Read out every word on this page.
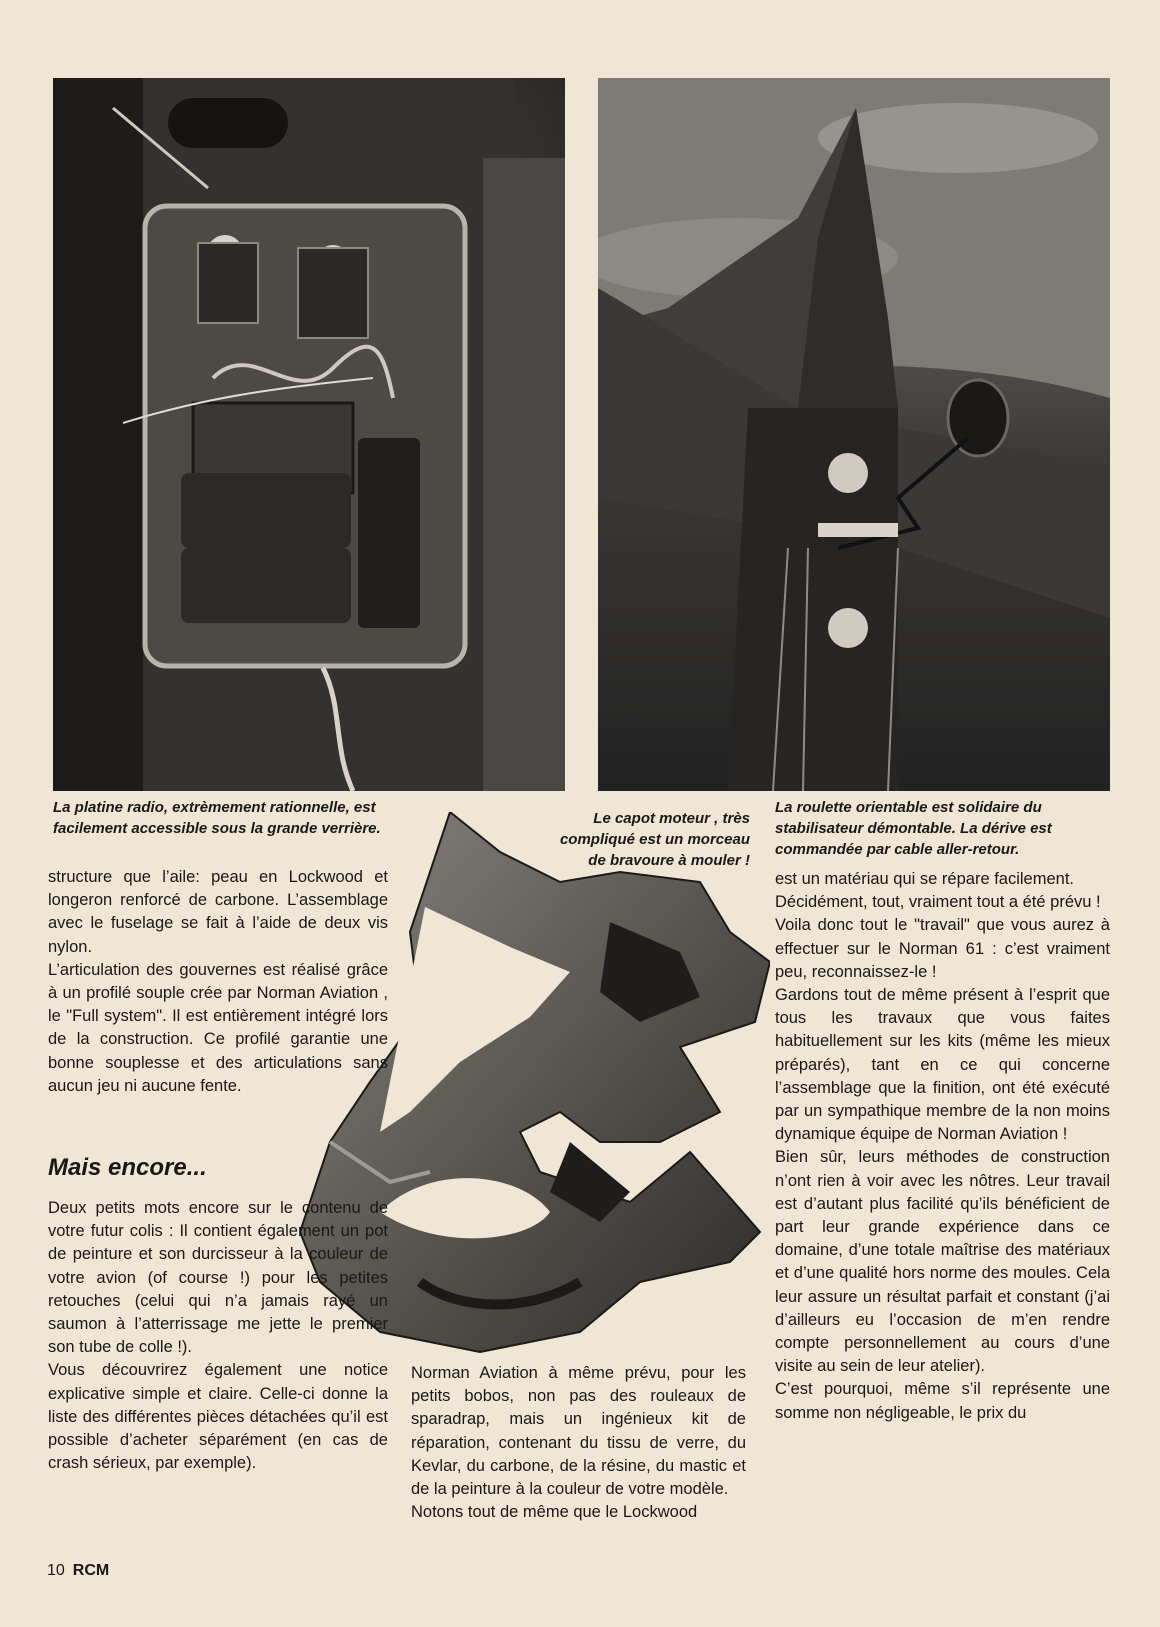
La platine radio, extrèmement rationnelle, est facilement accessible sous la grande verrière.

Le capot moteur , très compliqué est un morceau de bravoure à mouler !

La roulette orientable est solidaire du stabilisateur démontable. La dérive est commandée par cable aller-retour.

structure que l’aile: peau en Lockwood et longeron renforcé de carbone. L’assemblage avec le fuselage se fait à l’aide de deux vis nylon.

L’articulation des gouvernes est réalisé grâce à un profilé souple crée par Norman Aviation , le "Full system". Il est entièrement intégré lors de la construction. Ce profilé garantie une bonne souplesse et des articulations sans aucun jeu ni aucune fente.

Mais encore...

Deux petits mots encore sur le contenu de votre futur colis : Il contient également un pot de peinture et son durcisseur à la couleur de votre avion (of course !) pour les petites retouches (celui qui n’a jamais rayé un saumon à l’atterrissage me jette le premier son tube de colle !).

Vous découvrirez également une notice explicative simple et claire. Celle-ci donne la liste des différentes pièces détachées qu’il est possible d’acheter séparément (en cas de crash sérieux, par exemple).

Norman Aviation à même prévu, pour les petits bobos, non pas des rouleaux de sparadrap, mais un ingénieux kit de réparation, contenant du tissu de verre, du Kevlar, du carbone, de la résine, du mastic et de la peinture à la couleur de votre modèle.

Notons tout de même que le Lockwood

est un matériau qui se répare facilement.

Décidément, tout, vraiment tout a été prévu !

Voila donc tout le "travail" que vous aurez à effectuer sur le Norman 61 : c’est vraiment peu, reconnaissez-le !

Gardons tout de même présent à l’esprit que tous les travaux que vous faites habituellement sur les kits (même les mieux préparés), tant en ce qui concerne l’assemblage que la finition, ont été exécuté par un sympathique membre de la non moins dynamique équipe de Norman Aviation !

Bien sûr, leurs méthodes de construction n’ont rien à voir avec les nôtres. Leur travail est d’autant plus facilité qu’ils bénéficient de part leur grande expérience dans ce domaine, d’une totale maîtrise des matériaux et d’une qualité hors norme des moules. Cela leur assure un résultat parfait et constant (j’ai d’ailleurs eu l’occasion de m’en rendre compte personnellement au cours d’une visite au sein de leur atelier).

C’est pourquoi, même s’il représente une somme non négligeable, le prix du

10 RCM
